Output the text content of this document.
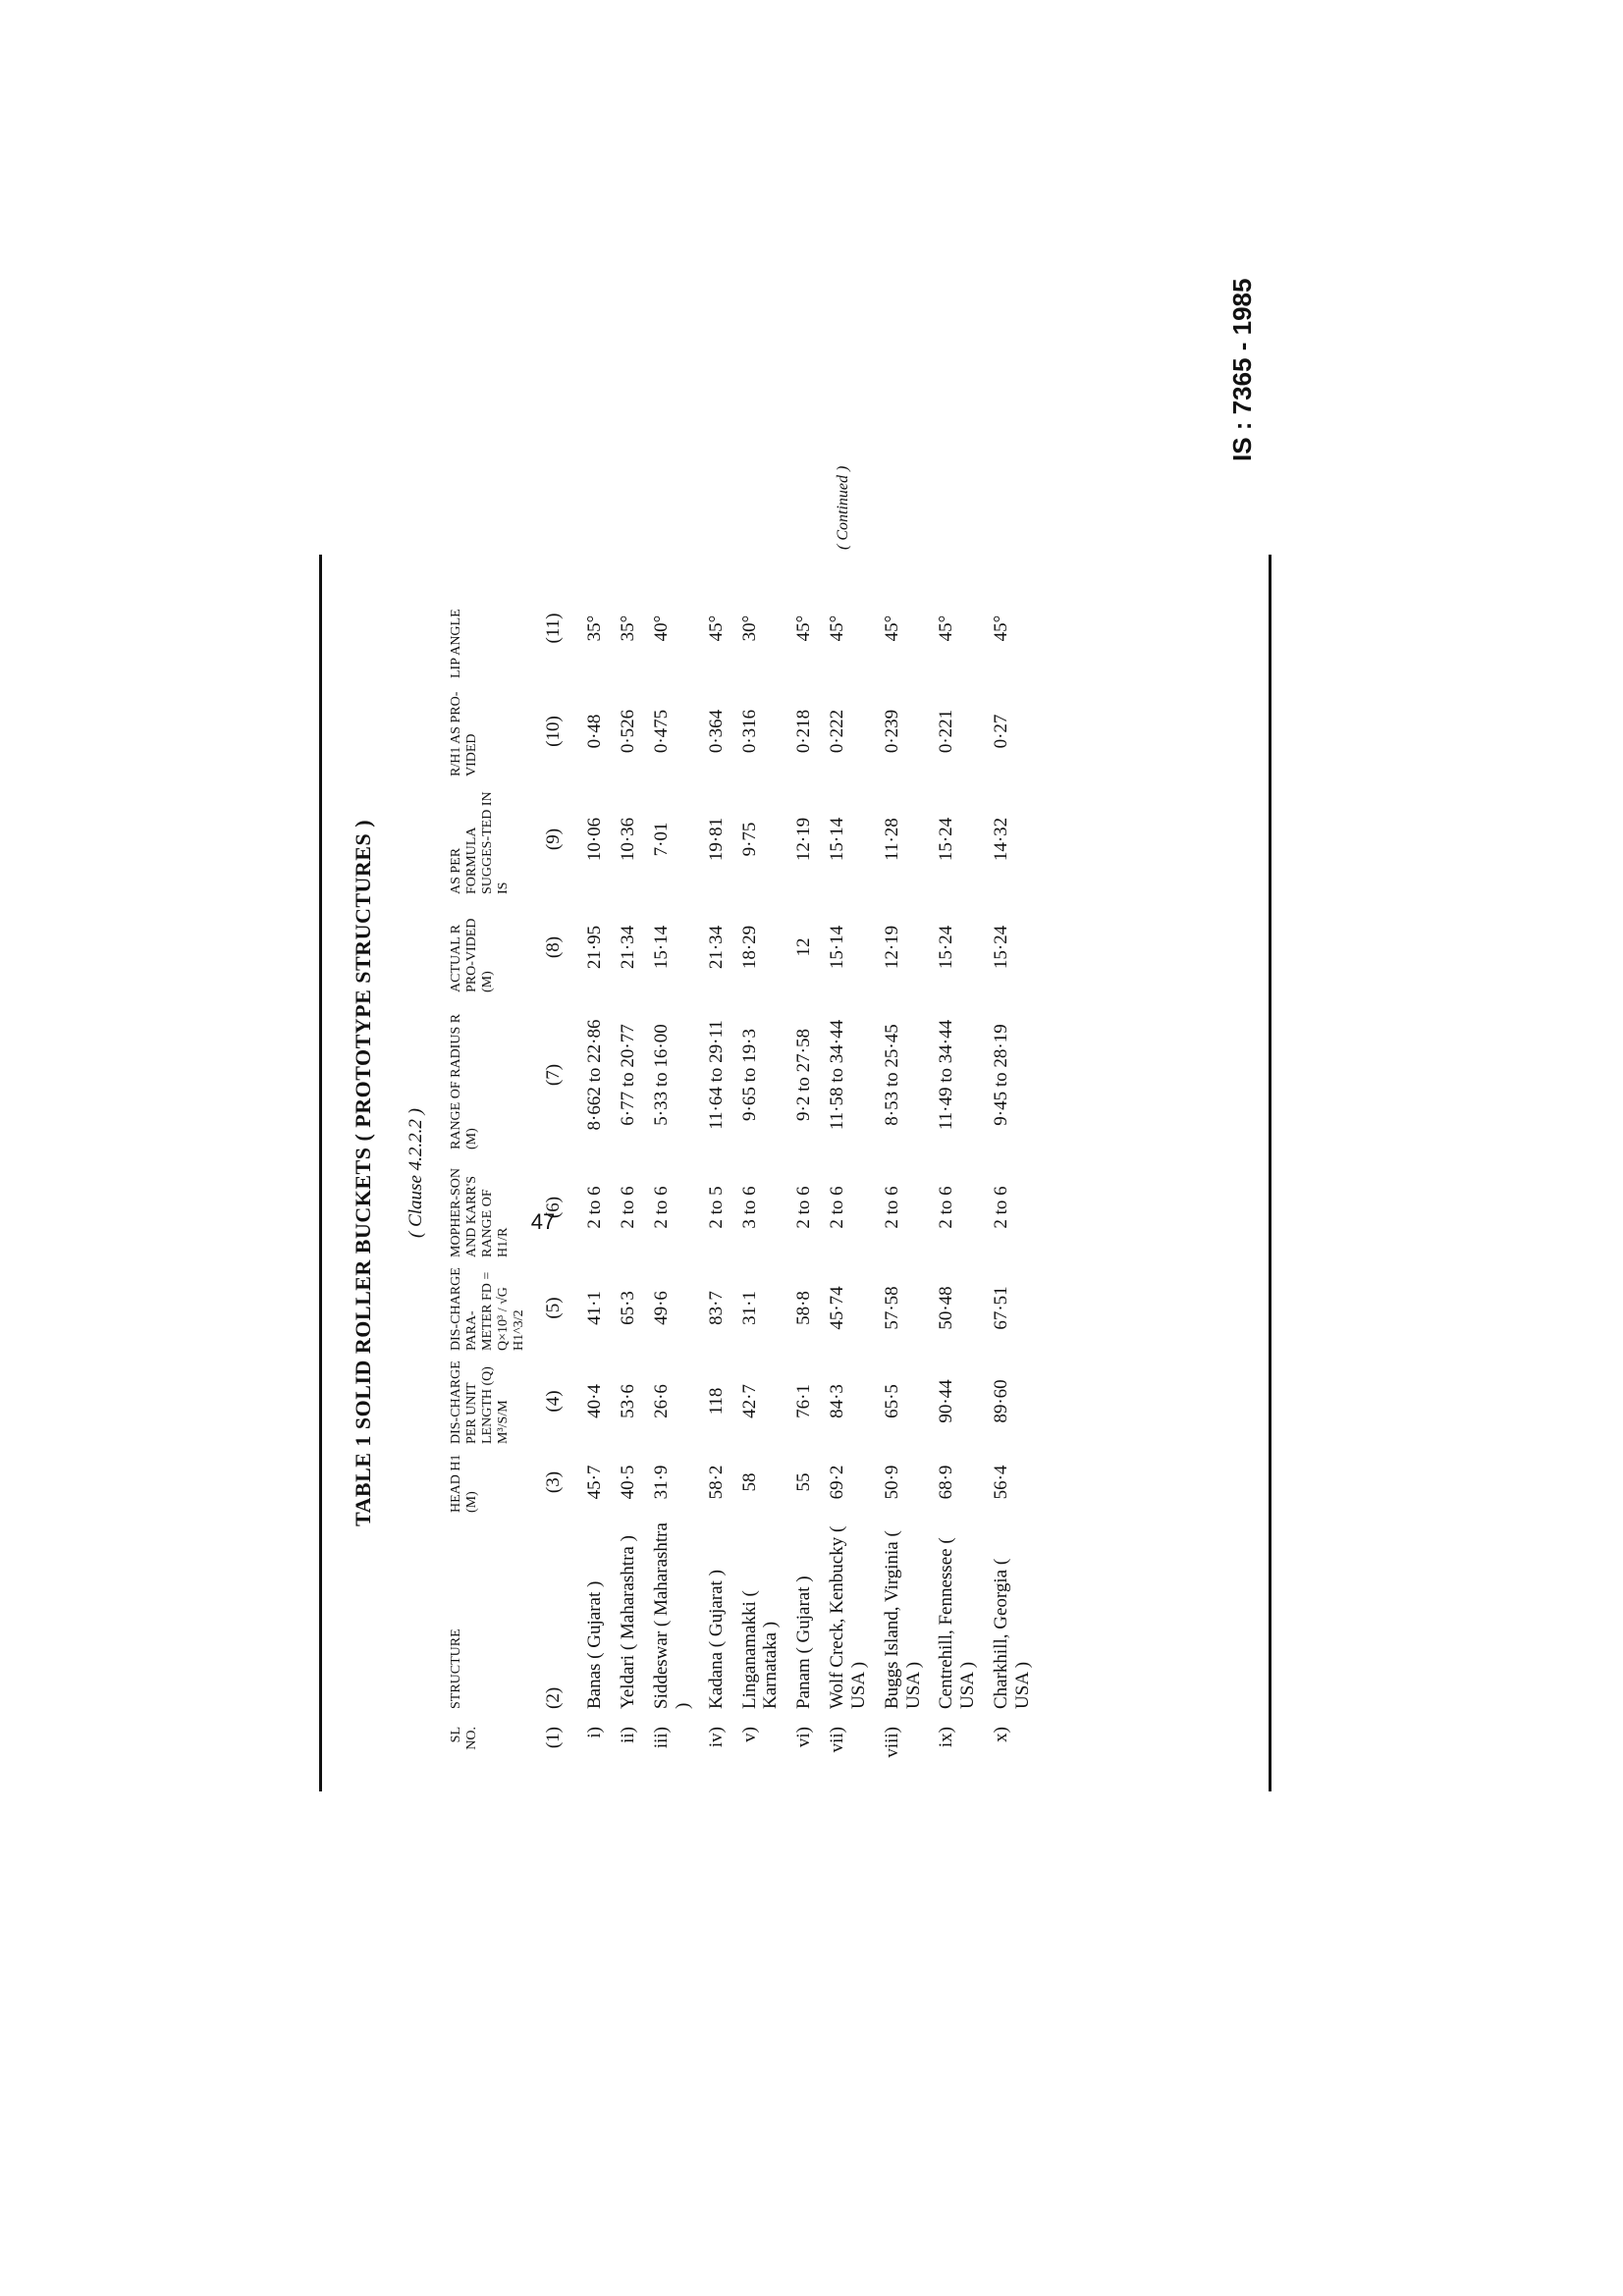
TABLE 1 SOLID ROLLER BUCKETS ( PROTOTYPE STRUCTURES ) ( Clause 4.2.2.2 )
SL NO.	STRUCTURE	HEAD H1 (M)	DIS-CHARGE PER UNIT LENGTH (Q) M³/S/M	DIS-CHARGE PARA-METER FD = Q×10³ / √G H1^3/2	MOPHER-SON AND KARR'S RANGE OF H1/R	RANGE OF RADIUS R (M)	ACTUAL R PRO-VIDED (M)	AS PER FORMULA SUGGES-TED IN IS	R/H1 AS PRO-VIDED	LIP ANGLE
(1)	(2)	(3)	(4)	(5)	(6)	(7)	(8)	(9)	(10)	(11)
i)	Banas ( Gujarat )	45·7	40·4	41·1	2 to 6	8·662 to 22·86	21·95	10·06	0·48	35°
ii)	Yeldari ( Maharashtra )	40·5	53·6	65·3	2 to 6	6·77 to 20·77	21·34	10·36	0·526	35°
iii)	Siddeswar ( Maharashtra )	31·9	26·6	49·6	2 to 6	5·33 to 16·00	15·14	7·01	0·475	40°
iv)	Kadana ( Gujarat )	58·2	118	83·7	2 to 5	11·64 to 29·11	21·34	19·81	0·364	45°
v)	Linganamakki ( Karnataka )	58	42·7	31·1	3 to 6	9·65 to 19·3	18·29	9·75	0·316	30°
vi)	Panam ( Gujarat )	55	76·1	58·8	2 to 6	9·2 to 27·58	12	12·19	0·218	45°
vii)	Wolf Creck, Kenbucky ( USA )	69·2	84·3	45·74	2 to 6	11·58 to 34·44	15·14	15·14	0·222	45°
viii)	Buggs Island, Virginia ( USA )	50·9	65·5	57·58	2 to 6	8·53 to 25·45	12·19	11·28	0·239	45°
ix)	Centrehill, Fennessee ( USA )	68·9	90·44	50·48	2 to 6	11·49 to 34·44	15·24	15·24	0·221	45°
x)	Charkhill, Georgia ( USA )	56·4	89·60	67·51	2 to 6	9·45 to 28·19	15·24	14·32	0·27	45°
IS : 7365 - 1985
47
( Continued )
